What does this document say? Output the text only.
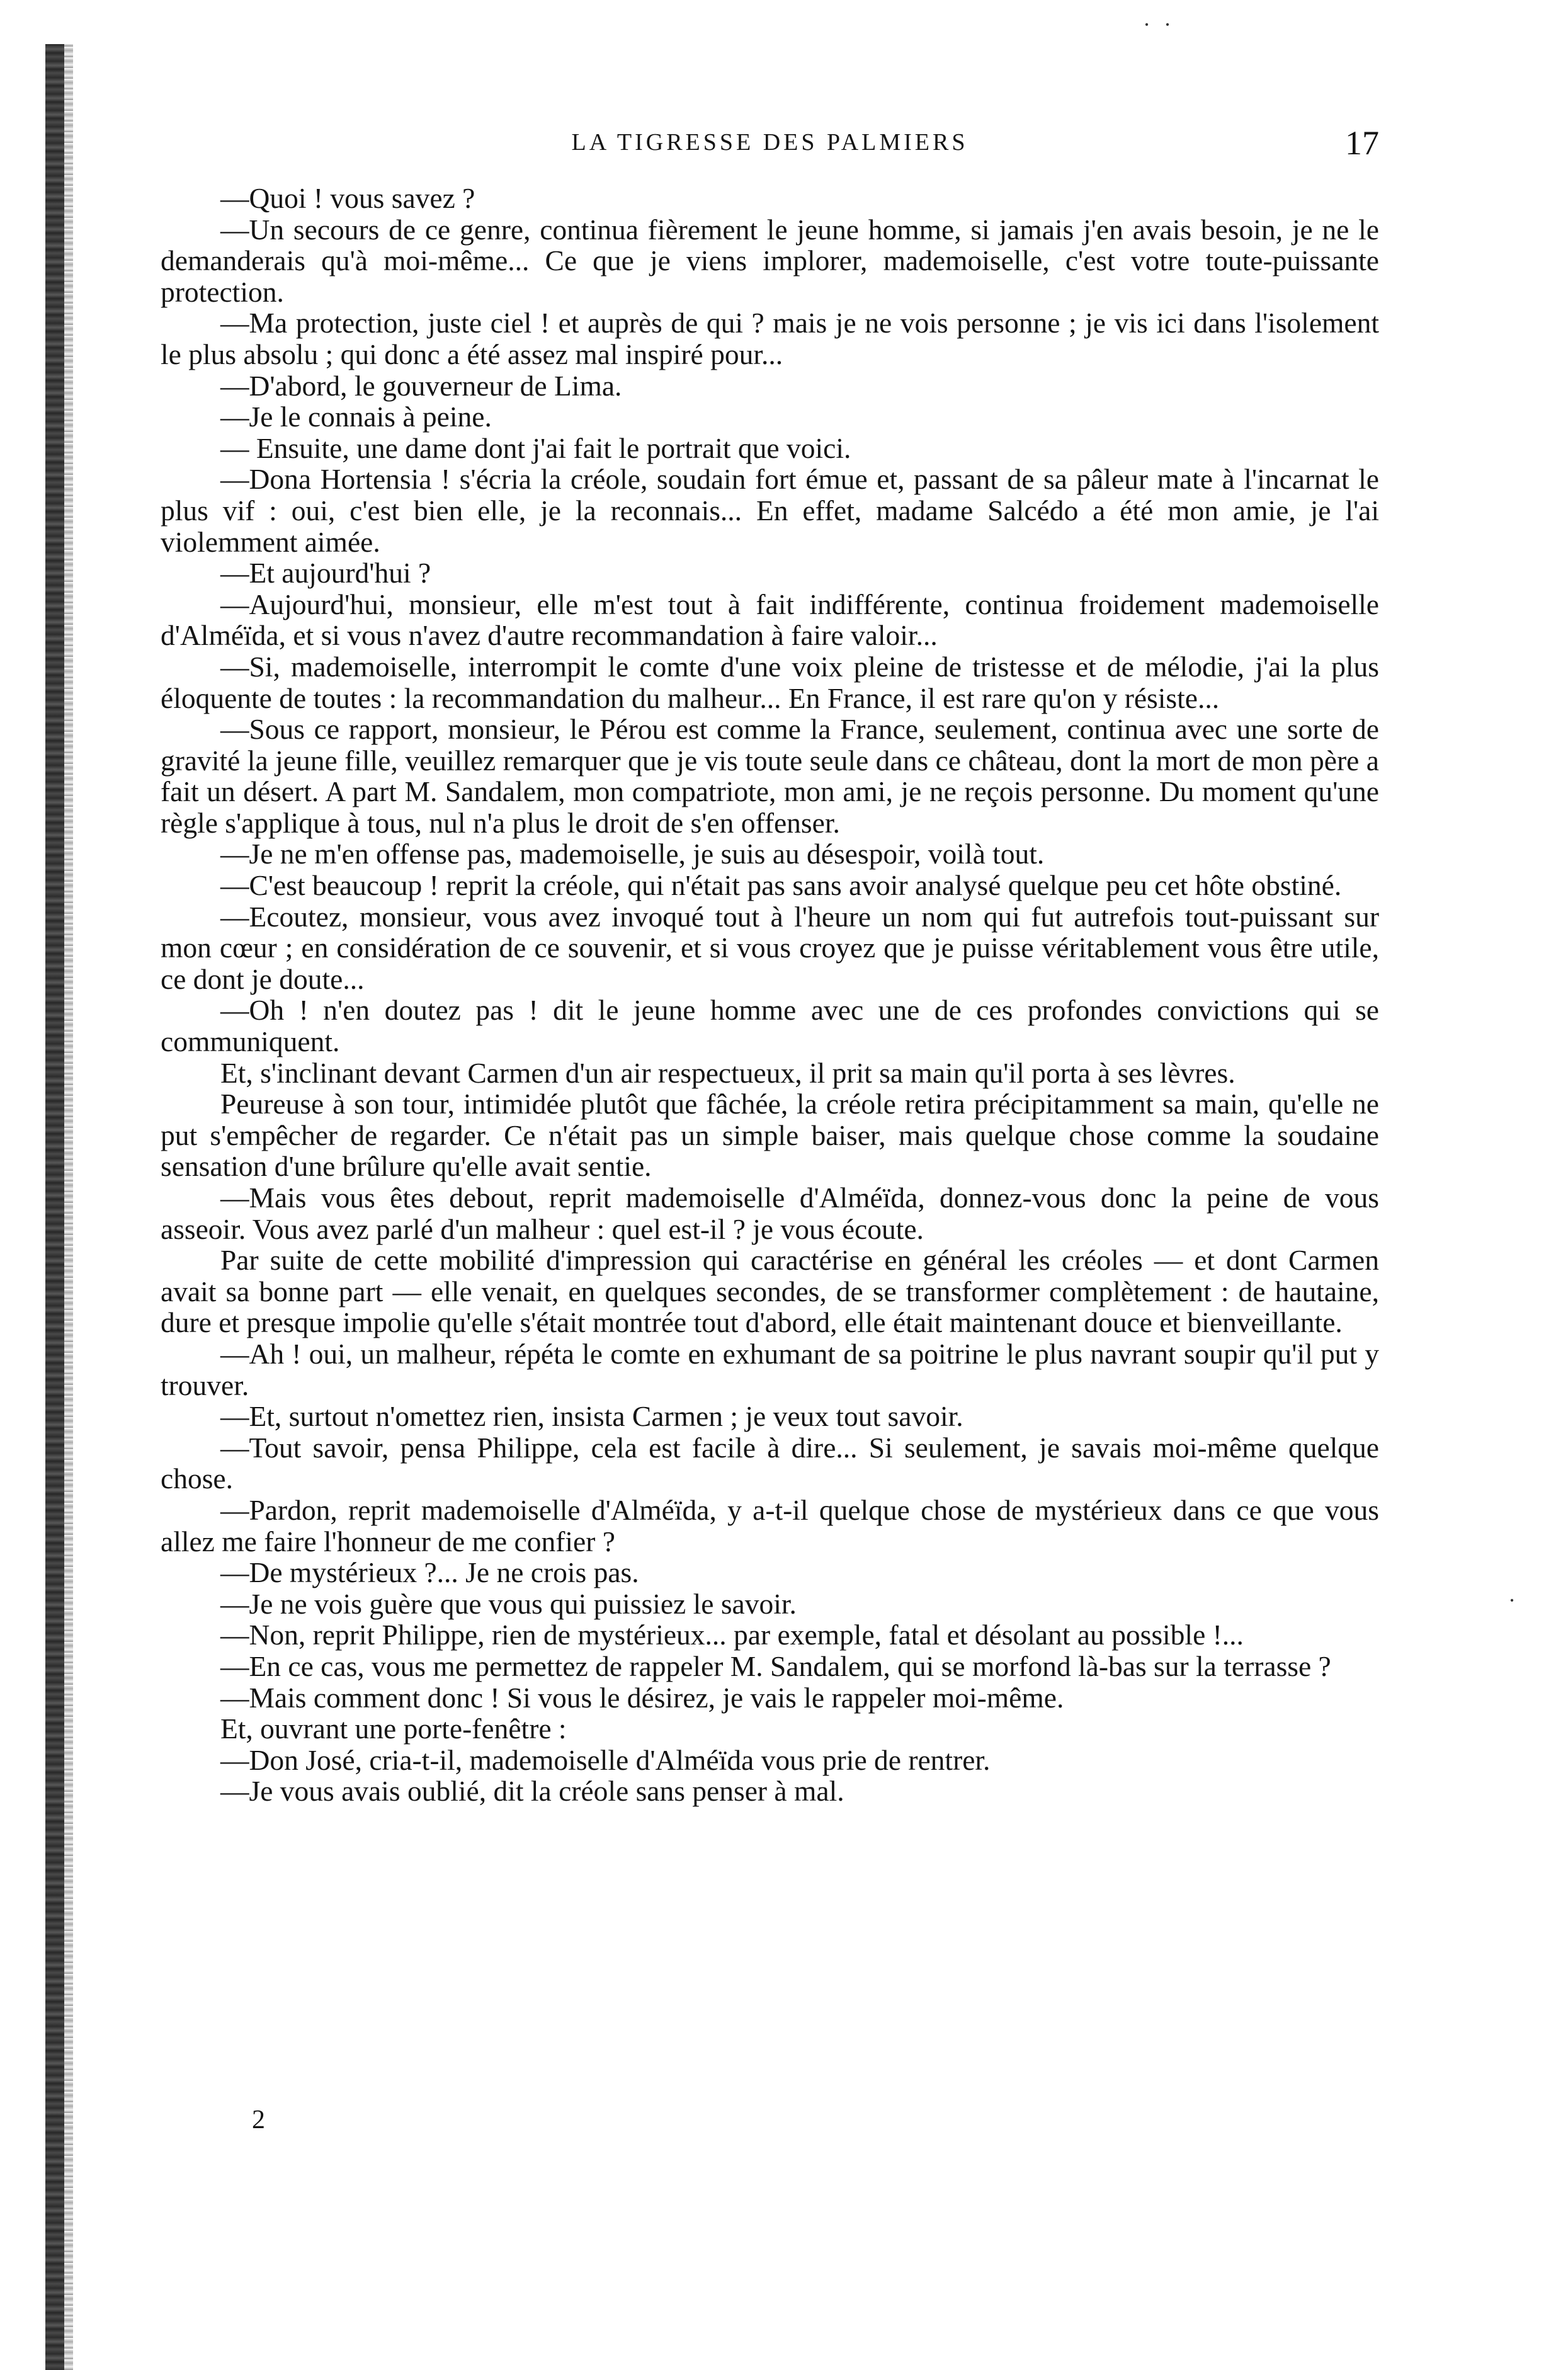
· ·
·
LA TIGRESSE DES PALMIERS	17

—Quoi ! vous savez ?

—Un secours de ce genre, continua fièrement le jeune homme, si jamais j'en avais besoin, je ne le demanderais qu'à moi-même... Ce que je viens implorer, mademoiselle, c'est votre toute-puissante protection.

—Ma protection, juste ciel ! et auprès de qui ? mais je ne vois personne ; je vis ici dans l'isolement le plus absolu ; qui donc a été assez mal inspiré pour...

—D'abord, le gouverneur de Lima.

—Je le connais à peine.

— Ensuite, une dame dont j'ai fait le portrait que voici.

—Dona Hortensia ! s'écria la créole, soudain fort émue et, passant de sa pâleur mate à l'incarnat le plus vif : oui, c'est bien elle, je la reconnais... En effet, madame Salcédo a été mon amie, je l'ai violemment aimée.

—Et aujourd'hui ?

—Aujourd'hui, monsieur, elle m'est tout à fait indifférente, continua froidement mademoiselle d'Alméïda, et si vous n'avez d'autre recommandation à faire valoir...

—Si, mademoiselle, interrompit le comte d'une voix pleine de tristesse et de mélodie, j'ai la plus éloquente de toutes : la recommandation du malheur... En France, il est rare qu'on y résiste...

—Sous ce rapport, monsieur, le Pérou est comme la France, seulement, continua avec une sorte de gravité la jeune fille, veuillez remarquer que je vis toute seule dans ce château, dont la mort de mon père a fait un désert. A part M. Sandalem, mon compatriote, mon ami, je ne reçois personne. Du moment qu'une règle s'applique à tous, nul n'a plus le droit de s'en offenser.

—Je ne m'en offense pas, mademoiselle, je suis au désespoir, voilà tout.

—C'est beaucoup ! reprit la créole, qui n'était pas sans avoir analysé quelque peu cet hôte obstiné.

—Ecoutez, monsieur, vous avez invoqué tout à l'heure un nom qui fut autrefois tout-puissant sur mon cœur ; en considération de ce souvenir, et si vous croyez que je puisse véritablement vous être utile, ce dont je doute...

—Oh ! n'en doutez pas ! dit le jeune homme avec une de ces profondes convictions qui se communiquent.

Et, s'inclinant devant Carmen d'un air respectueux, il prit sa main qu'il porta à ses lèvres.

Peureuse à son tour, intimidée plutôt que fâchée, la créole retira précipitamment sa main, qu'elle ne put s'empêcher de regarder. Ce n'était pas un simple baiser, mais quelque chose comme la soudaine sensation d'une brûlure qu'elle avait sentie.

—Mais vous êtes debout, reprit mademoiselle d'Alméïda, donnez-vous donc la peine de vous asseoir. Vous avez parlé d'un malheur : quel est-il ? je vous écoute.

Par suite de cette mobilité d'impression qui caractérise en général les créoles — et dont Carmen avait sa bonne part — elle venait, en quelques secondes, de se transformer complètement : de hautaine, dure et presque impolie qu'elle s'était montrée tout d'abord, elle était maintenant douce et bienveillante.

—Ah ! oui, un malheur, répéta le comte en exhumant de sa poitrine le plus navrant soupir qu'il put y trouver.

—Et, surtout n'omettez rien, insista Carmen ; je veux tout savoir.

—Tout savoir, pensa Philippe, cela est facile à dire... Si seulement, je savais moi-même quelque chose.

—Pardon, reprit mademoiselle d'Alméïda, y a-t-il quelque chose de mystérieux dans ce que vous allez me faire l'honneur de me confier ?

—De mystérieux ?... Je ne crois pas.

—Je ne vois guère que vous qui puissiez le savoir.

—Non, reprit Philippe, rien de mystérieux... par exemple, fatal et désolant au possible !...

—En ce cas, vous me permettez de rappeler M. Sandalem, qui se morfond là-bas sur la terrasse ?

—Mais comment donc ! Si vous le désirez, je vais le rappeler moi-même.

Et, ouvrant une porte-fenêtre :

—Don José, cria-t-il, mademoiselle d'Alméïda vous prie de rentrer.

—Je vous avais oublié, dit la créole sans penser à mal.

2
